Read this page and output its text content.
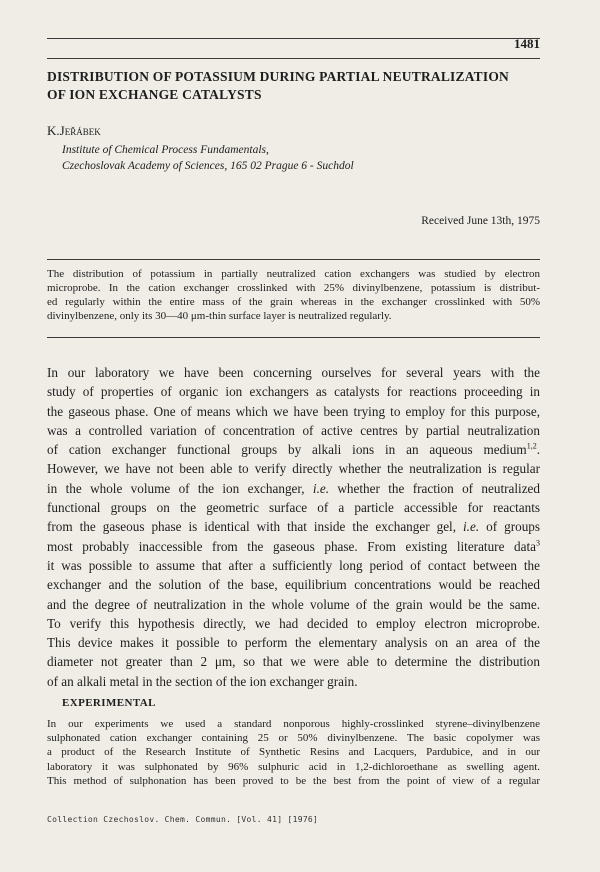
1481
DISTRIBUTION OF POTASSIUM DURING PARTIAL NEUTRALIZATION
OF ION EXCHANGE CATALYSTS
K.Jeřábek
Institute of Chemical Process Fundamentals,
Czechoslovak Academy of Sciences, 165 02 Prague 6 - Suchdol
Received June 13th, 1975
The distribution of potassium in partially neutralized cation exchangers was studied by electron
microprobe. In the cation exchanger crosslinked with 25% divinylbenzene, potassium is distribut-
ed regularly within the entire mass of the grain whereas in the exchanger crosslinked with 50%
divinylbenzene, only its 30—40 μm-thin surface layer is neutralized regularly.
In our laboratory we have been concerning ourselves for several years with the
study of properties of organic ion exchangers as catalysts for reactions proceeding in
the gaseous phase. One of means which we have been trying to employ for this purpose,
was a controlled variation of concentration of active centres by partial neutralization
of cation exchanger functional groups by alkali ions in an aqueous medium$^{1,2}$.
However, we have not been able to verify directly whether the neutralization is regular
in the whole volume of the ion exchanger, i.e. whether the fraction of neutralized
functional groups on the geometric surface of a particle accessible for reactants
from the gaseous phase is identical with that inside the exchanger gel, i.e. of groups
most probably inaccessible from the gaseous phase. From existing literature data$^3$
it was possible to assume that after a sufficiently long period of contact between the
exchanger and the solution of the base, equilibrium concentrations would be reached
and the degree of neutralization in the whole volume of the grain would be the same.
To verify this hypothesis directly, we had decided to employ electron microprobe.
This device makes it possible to perform the elementary analysis on an area of the
diameter not greater than 2 μm, so that we were able to determine the distribution
of an alkali metal in the section of the ion exchanger grain.
EXPERIMENTAL
In our experiments we used a standard nonporous highly-crosslinked styrene–divinylbenzene
sulphonated cation exchanger containing 25 or 50% divinylbenzene. The basic copolymer was
a product of the Research Institute of Synthetic Resins and Lacquers, Pardubice, and in our
laboratory it was sulphonated by 96% sulphuric acid in 1,2-dichloroethane as swelling agent.
This method of sulphonation has been proved to be the best from the point of view of a regular
Collection Czechoslov. Chem. Commun. [Vol. 41] [1976]
